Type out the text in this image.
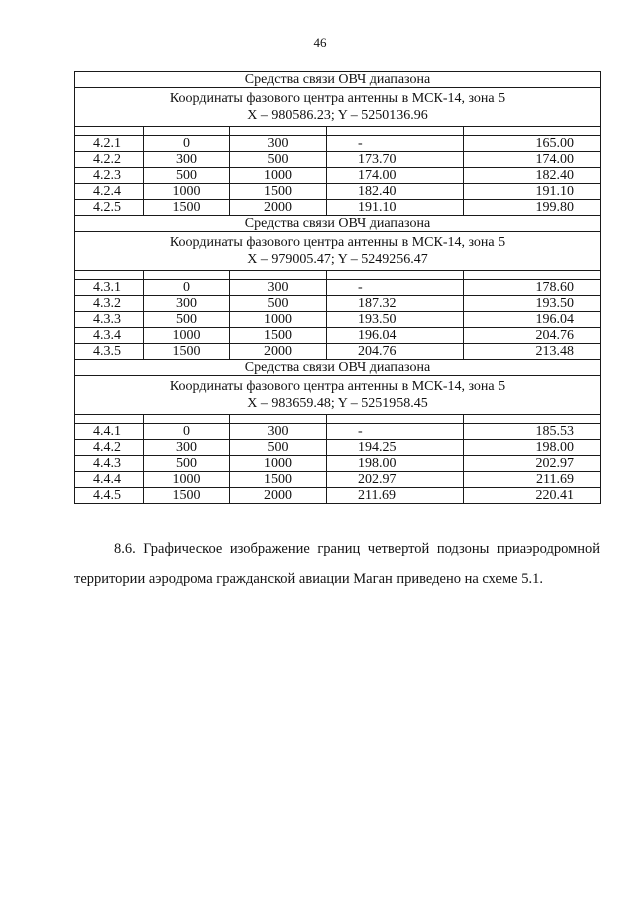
46
Средства связи ОВЧ диапазона				

Координаты фазового центра антенны в МСК-14, зона 5
X – 980586.23; Y – 5250136.96				

4.2.1	0	300	-	165.00
4.2.2	300	500	173.70	174.00
4.2.3	500	1000	174.00	182.40
4.2.4	1000	1500	182.40	191.10
4.2.5	1500	2000	191.10	199.80
Средства связи ОВЧ диапазона				

Координаты фазового центра антенны в МСК-14, зона 5
X – 979005.47; Y – 5249256.47				

4.3.1	0	300	-	178.60
4.3.2	300	500	187.32	193.50
4.3.3	500	1000	193.50	196.04
4.3.4	1000	1500	196.04	204.76
4.3.5	1500	2000	204.76	213.48
Средства связи ОВЧ диапазона				

Координаты фазового центра антенны в МСК-14, зона 5
X – 983659.48; Y – 5251958.45				

4.4.1	0	300	-	185.53
4.4.2	300	500	194.25	198.00
4.4.3	500	1000	198.00	202.97
4.4.4	1000	1500	202.97	211.69
4.4.5	1500	2000	211.69	220.41
8.6. Графическое изображение границ четвертой подзоны приаэродромной территории аэродрома гражданской авиации Маган приведено на схеме 5.1.
